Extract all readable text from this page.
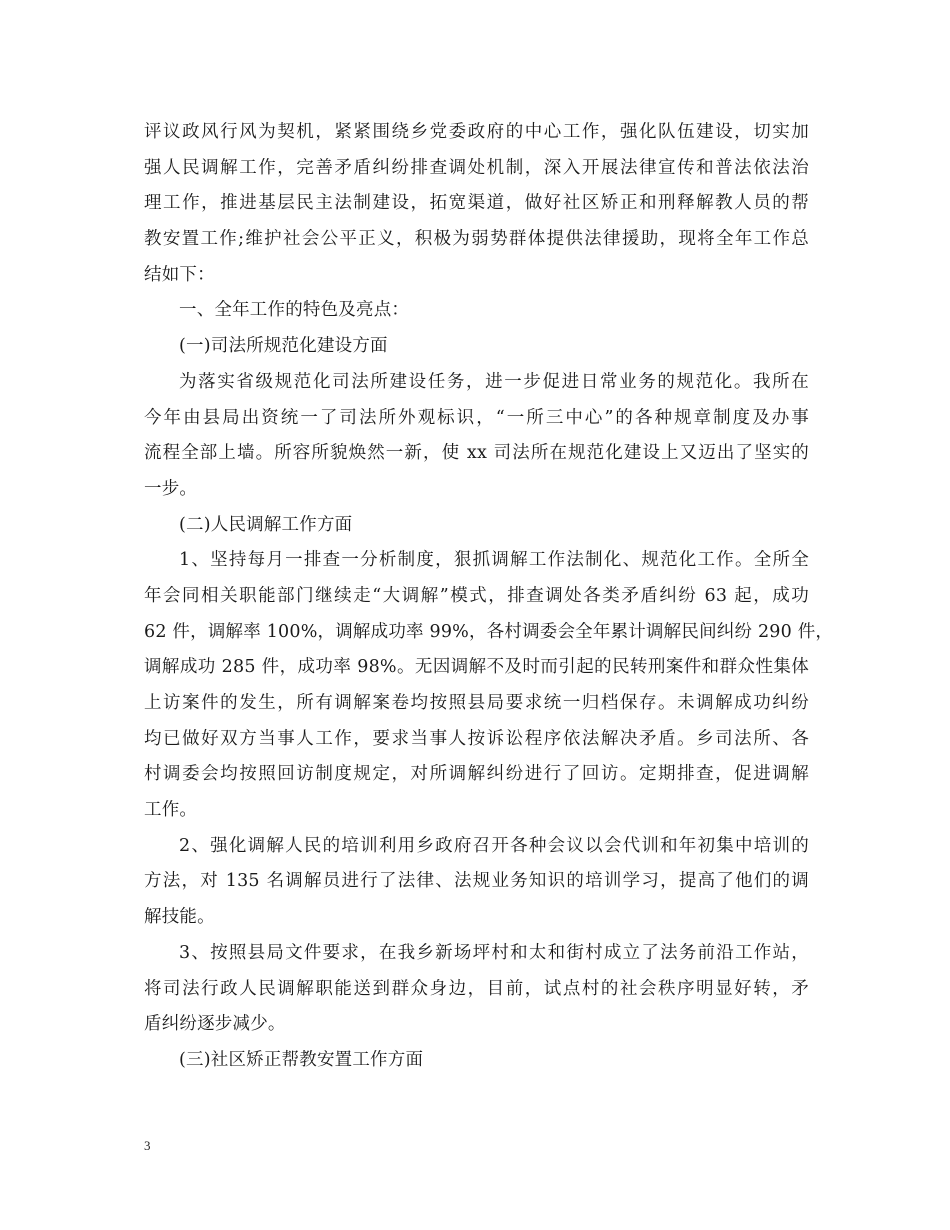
评议政风行风为契机，紧紧围绕乡党委政府的中心工作，强化队伍建设，切实加
强人民调解工作，完善矛盾纠纷排查调处机制，深入开展法律宣传和普法依法治
理工作，推进基层民主法制建设，拓宽渠道，做好社区矫正和刑释解教人员的帮
教安置工作;维护社会公平正义，积极为弱势群体提供法律援助，现将全年工作总
结如下：
一、全年工作的特色及亮点：
(一)司法所规范化建设方面
为落实省级规范化司法所建设任务，进一步促进日常业务的规范化。我所在
今年由县局出资统一了司法所外观标识，“一所三中心”的各种规章制度及办事
流程全部上墙。所容所貌焕然一新，使 xx 司法所在规范化建设上又迈出了坚实的
一步。
(二)人民调解工作方面
1、坚持每月一排查一分析制度，狠抓调解工作法制化、规范化工作。全所全
年会同相关职能部门继续走“大调解”模式，排查调处各类矛盾纠纷 63 起，成功
62 件，调解率 100%，调解成功率 99%，各村调委会全年累计调解民间纠纷 290 件，
调解成功 285 件，成功率 98%。无因调解不及时而引起的民转刑案件和群众性集体
上访案件的发生，所有调解案卷均按照县局要求统一归档保存。未调解成功纠纷
均已做好双方当事人工作，要求当事人按诉讼程序依法解决矛盾。乡司法所、各
村调委会均按照回访制度规定，对所调解纠纷进行了回访。定期排查，促进调解
工作。
2、强化调解人民的培训利用乡政府召开各种会议以会代训和年初集中培训的
方法，对 135 名调解员进行了法律、法规业务知识的培训学习，提高了他们的调
解技能。
3、按照县局文件要求，在我乡新场坪村和太和街村成立了法务前沿工作站，
将司法行政人民调解职能送到群众身边，目前，试点村的社会秩序明显好转，矛
盾纠纷逐步减少。
(三)社区矫正帮教安置工作方面
3
